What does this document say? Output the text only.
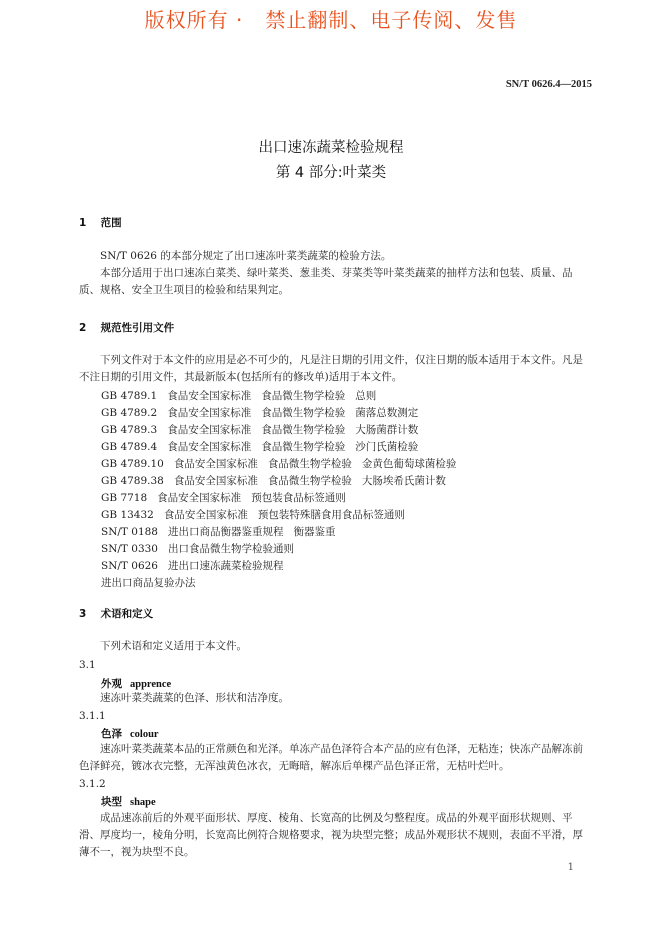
版权所有 ·   禁止翻制、电子传阅、发售
SN/T 0626.4—2015
出口速冻蔬菜检验规程
第 4 部分:叶菜类
1 范围
SN/T 0626 的本部分规定了出口速冻叶菜类蔬菜的检验方法。
本部分适用于出口速冻白菜类、绿叶菜类、葱韭类、芽菜类等叶菜类蔬菜的抽样方法和包装、质量、品质、规格、安全卫生项目的检验和结果判定。
2 规范性引用文件
下列文件对于本文件的应用是必不可少的，凡是注日期的引用文件，仅注日期的版本适用于本文件。凡是不注日期的引用文件，其最新版本(包括所有的修改单)适用于本文件。
GB 4789.1   食品安全国家标准   食品微生物学检验   总则
GB 4789.2   食品安全国家标准   食品微生物学检验   菌落总数测定
GB 4789.3   食品安全国家标准   食品微生物学检验   大肠菌群计数
GB 4789.4   食品安全国家标准   食品微生物学检验   沙门氏菌检验
GB 4789.10   食品安全国家标准   食品微生物学检验   金黄色葡萄球菌检验
GB 4789.38   食品安全国家标准   食品微生物学检验   大肠埃希氏菌计数
GB 7718   食品安全国家标准   预包装食品标签通则
GB 13432   食品安全国家标准   预包装特殊膳食用食品标签通则
SN/T 0188   进出口商品衡器鉴重规程   衡器鉴重
SN/T 0330   出口食品微生物学检验通则
SN/T 0626   进出口速冻蔬菜检验规程
进出口商品复验办法
3 术语和定义
下列术语和定义适用于本文件。
3.1
外观 apprence
速冻叶菜类蔬菜的色泽、形状和洁净度。
3.1.1
色泽 colour
速冻叶菜类蔬菜本品的正常颜色和光泽。单冻产品色泽符合本产品的应有色泽，无粘连；快冻产品解冻前色泽鲜亮，镀冰衣完整，无浑浊黄色冰衣，无晦暗，解冻后单棵产品色泽正常，无枯叶烂叶。
3.1.2
块型 shape
成品速冻前后的外观平面形状、厚度、棱角、长宽高的比例及匀整程度。成品的外观平面形状规则、平滑、厚度均一，棱角分明，长宽高比例符合规格要求，视为块型完整；成品外观形状不规则，表面不平滑，厚薄不一，视为块型不良。
1
